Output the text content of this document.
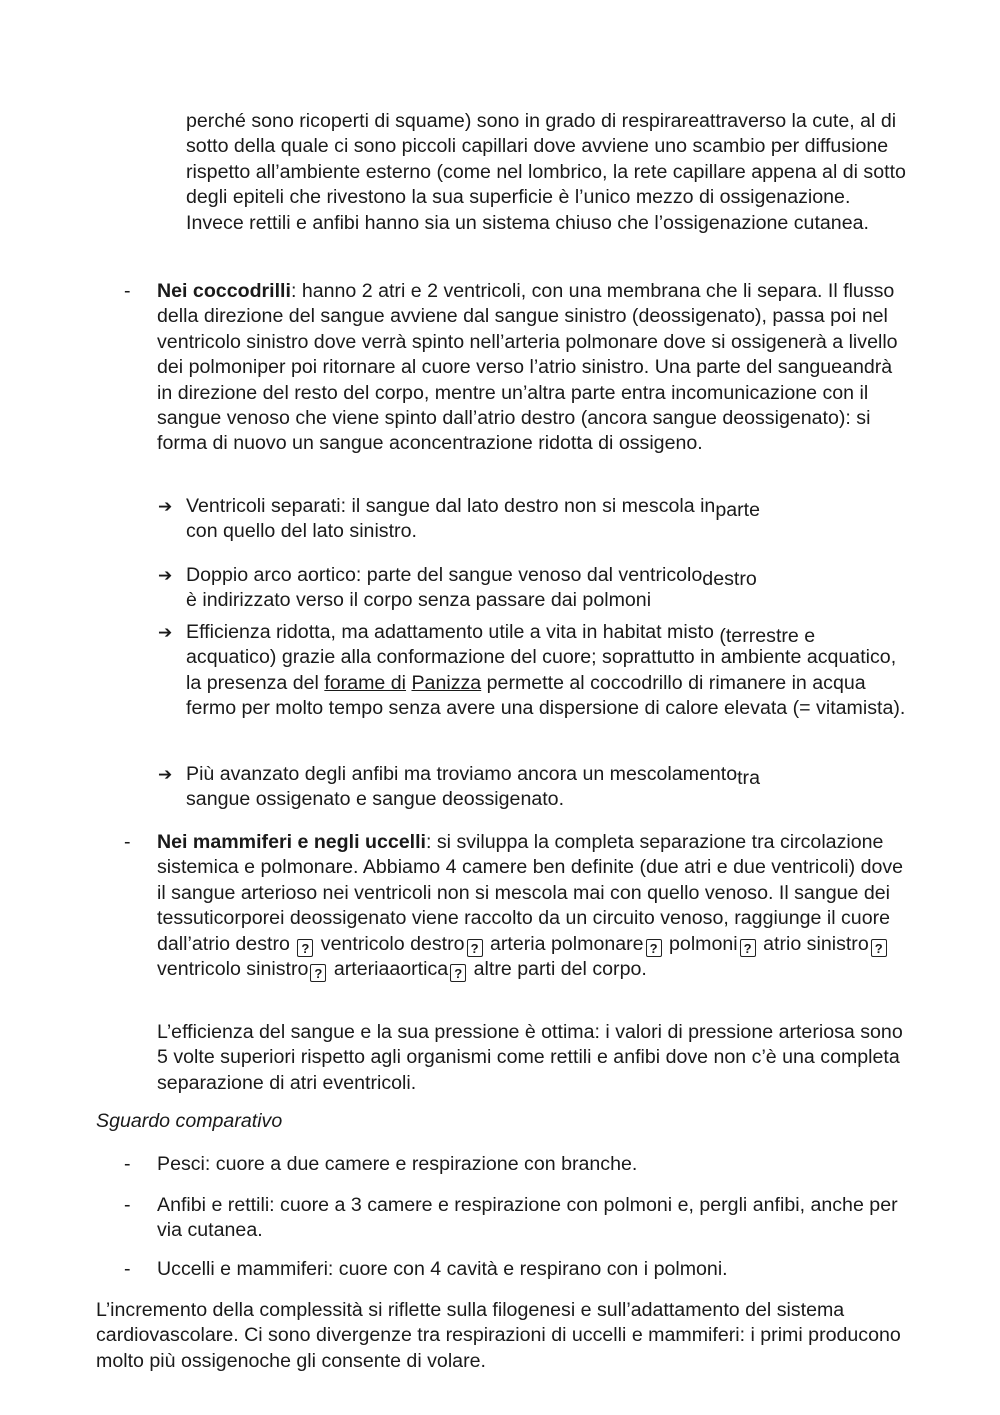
perché sono ricoperti di squame) sono in grado di respirareattraverso la cute, al di sotto della quale ci sono piccoli capillari dove avviene uno scambio per diffusione rispetto all’ambiente esterno (come nel lombrico, la rete capillare appena al di sotto degli epiteli che rivestono la sua superficie è l’unico mezzo di ossigenazione. Invece rettili e anfibi hanno sia un sistema chiuso che l’ossigenazione cutanea.

-	Nei coccodrilli: hanno 2 atri e 2 ventricoli, con una membrana che li separa. Il flusso della direzione del sangue avviene dal sangue sinistro (deossigenato), passa poi nel ventricolo sinistro dove verrà spinto nell’arteria polmonare dove si ossigenerà a livello dei polmoniper poi ritornare al cuore verso l’atrio sinistro. Una parte del sangueandrà in direzione del resto del corpo, mentre un’altra parte entra incomunicazione con il sangue venoso che viene spinto dall’atrio destro (ancora sangue deossigenato): si forma di nuovo un sangue aconcentrazione ridotta di ossigeno.

➔ Ventricoli separati: il sangue dal lato destro non si mescola inparte
con quello del lato sinistro.

➔ Doppio arco aortico: parte del sangue venoso dal ventricolodestro
è indirizzato verso il corpo senza passare dai polmoni

➔ Efficienza ridotta, ma adattamento utile a vita in habitat misto (terrestre e
acquatico) grazie alla conformazione del cuore; soprattutto in ambiente acquatico, la presenza del forame di Panizza permette al coccodrillo di rimanere in acqua fermo per molto tempo senza avere una dispersione di calore elevata (= vitamista).

➔ Più avanzato degli anfibi ma troviamo ancora un mescolamentotra
sangue ossigenato e sangue deossigenato.

-	Nei mammiferi e negli uccelli: si sviluppa la completa separazione tra circolazione sistemica e polmonare. Abbiamo 4 camere ben definite (due atri e due ventricoli) dove il sangue arterioso nei ventricoli non si mescola mai con quello venoso. Il sangue dei tessuticorporei deossigenato viene raccolto da un circuito venoso, raggiunge il cuore dall’atrio destro ? ventricolo destro ? arteria polmonare ? polmoni ? atrio sinistro ? ventricolo sinistro ? arteriaaortica ? altre parti del corpo.

L’efficienza del sangue e la sua pressione è ottima: i valori di pressione arteriosa sono 5 volte superiori rispetto agli organismi come rettili e anfibi dove non c’è una completa separazione di atri eventricoli.

Sguardo comparativo

-	Pesci: cuore a due camere e respirazione con branche.

-	Anfibi e rettili: cuore a 3 camere e respirazione con polmoni e, pergli anfibi, anche per via cutanea.

-	Uccelli e mammiferi: cuore con 4 cavità e respirano con i polmoni.

L’incremento della complessità si riflette sulla filogenesi e sull’adattamento del sistema cardiovascolare. Ci sono divergenze tra respirazioni di uccelli e mammiferi: i primi producono molto più ossigenoche gli consente di volare.
